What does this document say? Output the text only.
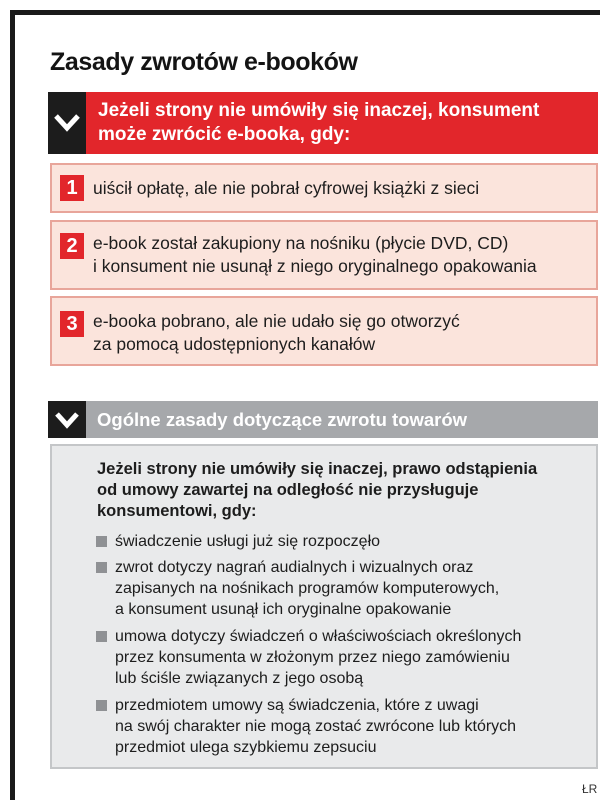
Zasady zwrotów e-booków
Jeżeli strony nie umówiły się inaczej, konsument
może zwrócić e-booka, gdy:
1 uiścił opłatę, ale nie pobrał cyfrowej książki z sieci
2 e-book został zakupiony na nośniku (płycie DVD, CD)
i konsument nie usunął z niego oryginalnego opakowania
3 e-booka pobrano, ale nie udało się go otworzyć
za pomocą udostępnionych kanałów
Ogólne zasady dotyczące zwrotu towarów
Jeżeli strony nie umówiły się inaczej, prawo odstąpienia
od umowy zawartej na odległość nie przysługuje
konsumentowi, gdy:
świadczenie usługi już się rozpoczęło
zwrot dotyczy nagrań audialnych i wizualnych oraz
zapisanych na nośnikach programów komputerowych,
a konsument usunął ich oryginalne opakowanie
umowa dotyczy świadczeń o właściwościach określonych
przez konsumenta w złożonym przez niego zamówieniu
lub ściśle związanych z jego osobą
przedmiotem umowy są świadczenia, które z uwagi
na swój charakter nie mogą zostać zwrócone lub których
przedmiot ulega szybkiemu zepsuciu
ŁR
